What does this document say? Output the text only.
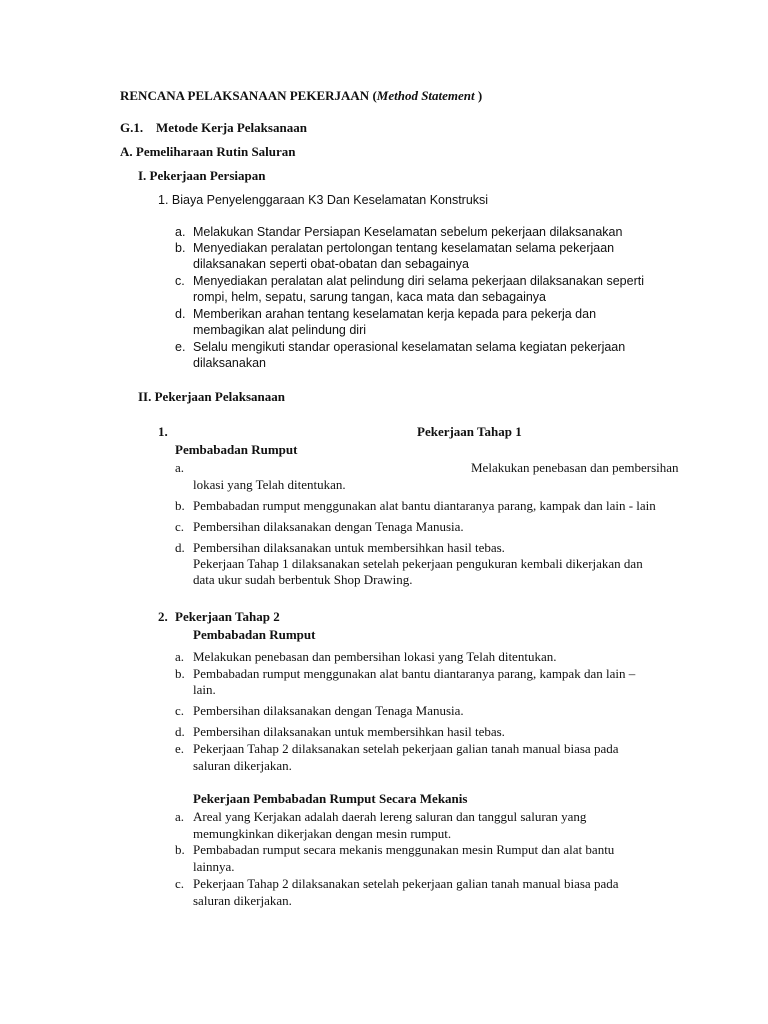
RENCANA PELAKSANAAN PEKERJAAN (Method Statement )
G.1. Metode Kerja Pelaksanaan
A. Pemeliharaan Rutin Saluran
I. Pekerjaan Persiapan
1. Biaya Penyelenggaraan K3 Dan Keselamatan Konstruksi
a. Melakukan Standar Persiapan Keselamatan sebelum pekerjaan dilaksanakan
b. Menyediakan peralatan pertolongan tentang keselamatan selama pekerjaan
dilaksanakan seperti obat-obatan dan sebagainya
c. Menyediakan peralatan alat pelindung diri selama pekerjaan dilaksanakan seperti
rompi, helm, sepatu, sarung tangan, kaca mata dan sebagainya
d. Memberikan arahan tentang keselamatan kerja kepada para pekerja dan
membagikan alat pelindung diri
e. Selalu mengikuti standar operasional keselamatan selama kegiatan pekerjaan
dilaksanakan
II. Pekerjaan Pelaksanaan
1.	Pekerjaan Tahap 1
Pembabadan Rumput
a.	Melakukan penebasan dan pembersihan
lokasi yang Telah ditentukan.
b. Pembabadan rumput menggunakan alat bantu diantaranya parang, kampak dan lain - lain
c. Pembersihan dilaksanakan dengan Tenaga Manusia.
d. Pembersihan dilaksanakan untuk membersihkan hasil tebas.
Pekerjaan Tahap 1 dilaksanakan setelah pekerjaan pengukuran kembali dikerjakan dan
data ukur sudah berbentuk Shop Drawing.
2. Pekerjaan Tahap 2
Pembabadan Rumput
a. Melakukan penebasan dan pembersihan lokasi yang Telah ditentukan.
b. Pembabadan rumput menggunakan alat bantu diantaranya parang, kampak dan lain –
lain.
c. Pembersihan dilaksanakan dengan Tenaga Manusia.
d. Pembersihan dilaksanakan untuk membersihkan hasil tebas.
e. Pekerjaan Tahap 2 dilaksanakan setelah pekerjaan galian tanah manual biasa pada
saluran dikerjakan.
Pekerjaan Pembabadan Rumput Secara Mekanis
a. Areal yang Kerjakan adalah daerah lereng saluran dan tanggul saluran yang
memungkinkan dikerjakan dengan mesin rumput.
b. Pembabadan rumput secara mekanis menggunakan mesin Rumput dan alat bantu
lainnya.
c. Pekerjaan Tahap 2 dilaksanakan setelah pekerjaan galian tanah manual biasa pada
saluran dikerjakan.
